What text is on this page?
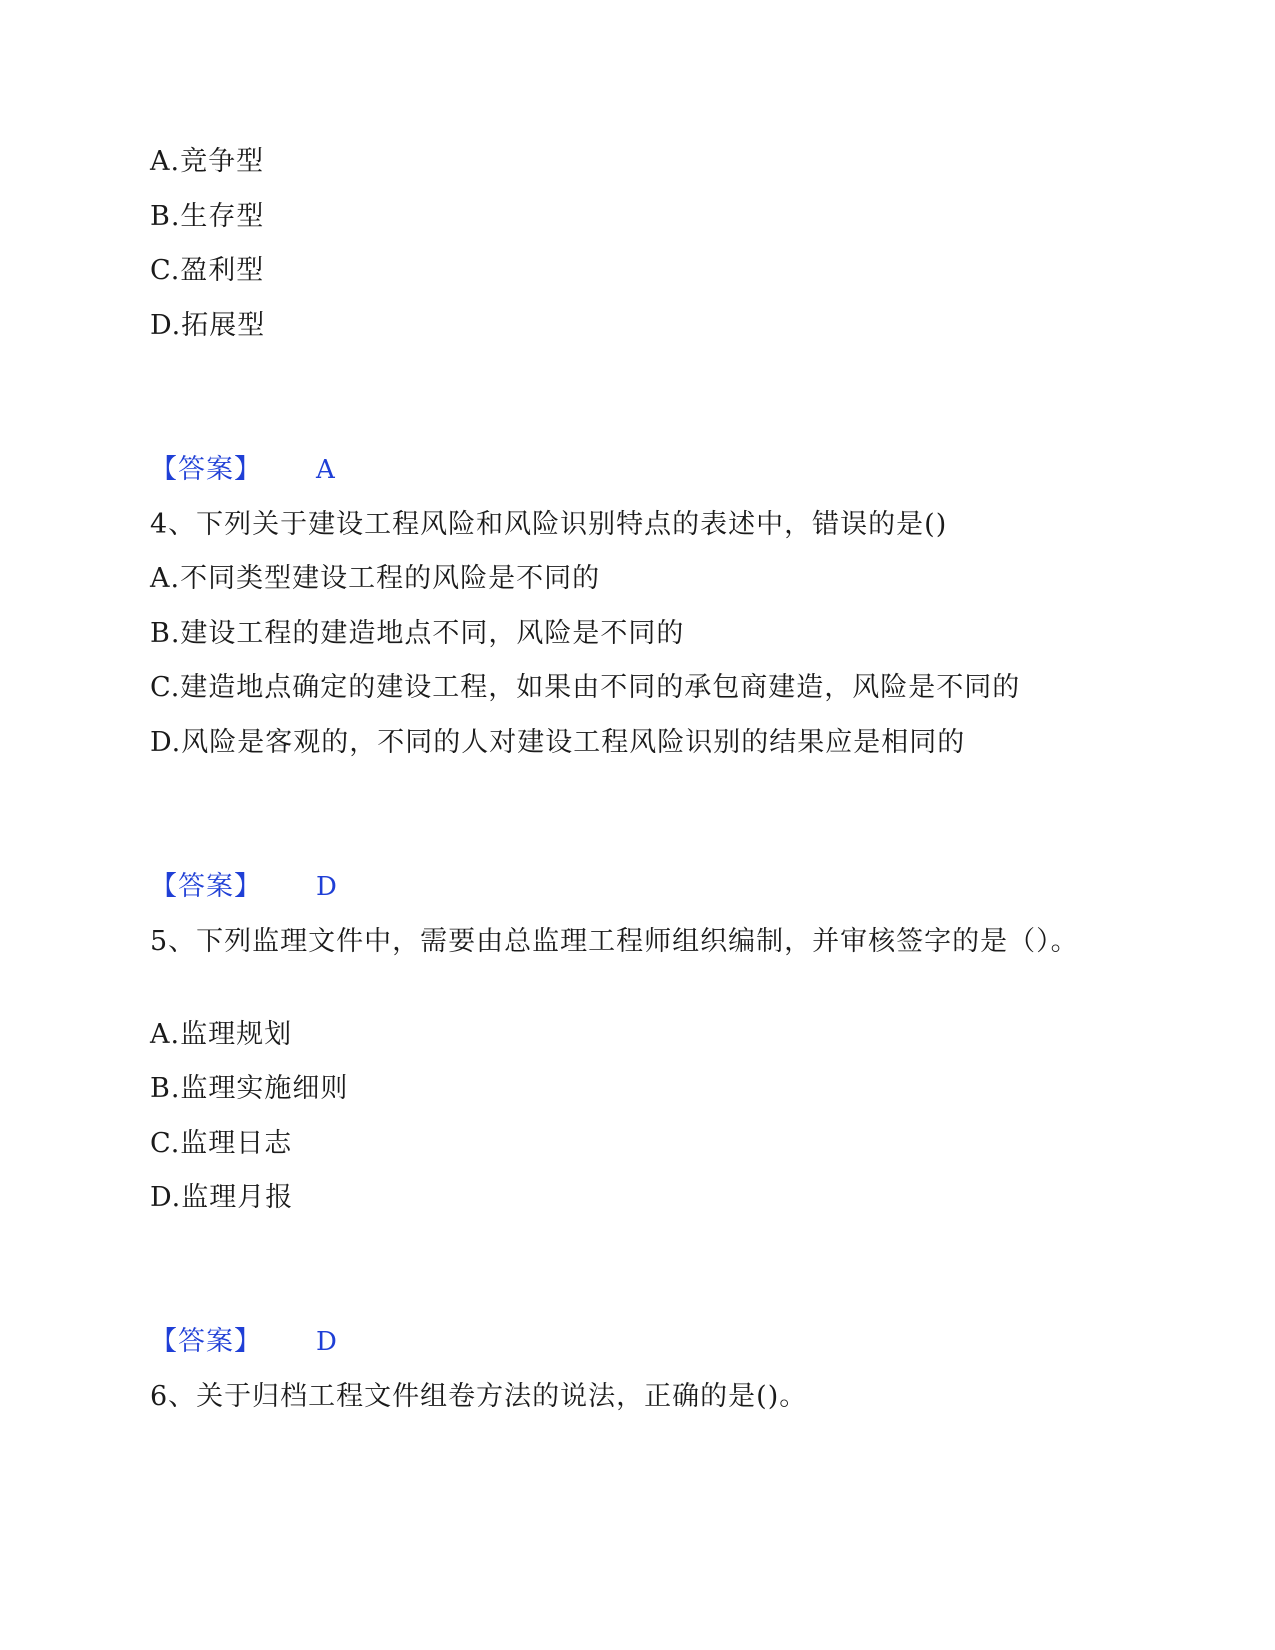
A.竞争型
B.生存型
C.盈利型
D.拓展型
【答案】 A
4、下列关于建设工程风险和风险识别特点的表述中，错误的是()
A.不同类型建设工程的风险是不同的
B.建设工程的建造地点不同，风险是不同的
C.建造地点确定的建设工程，如果由不同的承包商建造，风险是不同的
D.风险是客观的，不同的人对建设工程风险识别的结果应是相同的
【答案】 D
5、下列监理文件中，需要由总监理工程师组织编制，并审核签字的是（）。
A.监理规划
B.监理实施细则
C.监理日志
D.监理月报
【答案】 D
6、关于归档工程文件组卷方法的说法，正确的是()。
